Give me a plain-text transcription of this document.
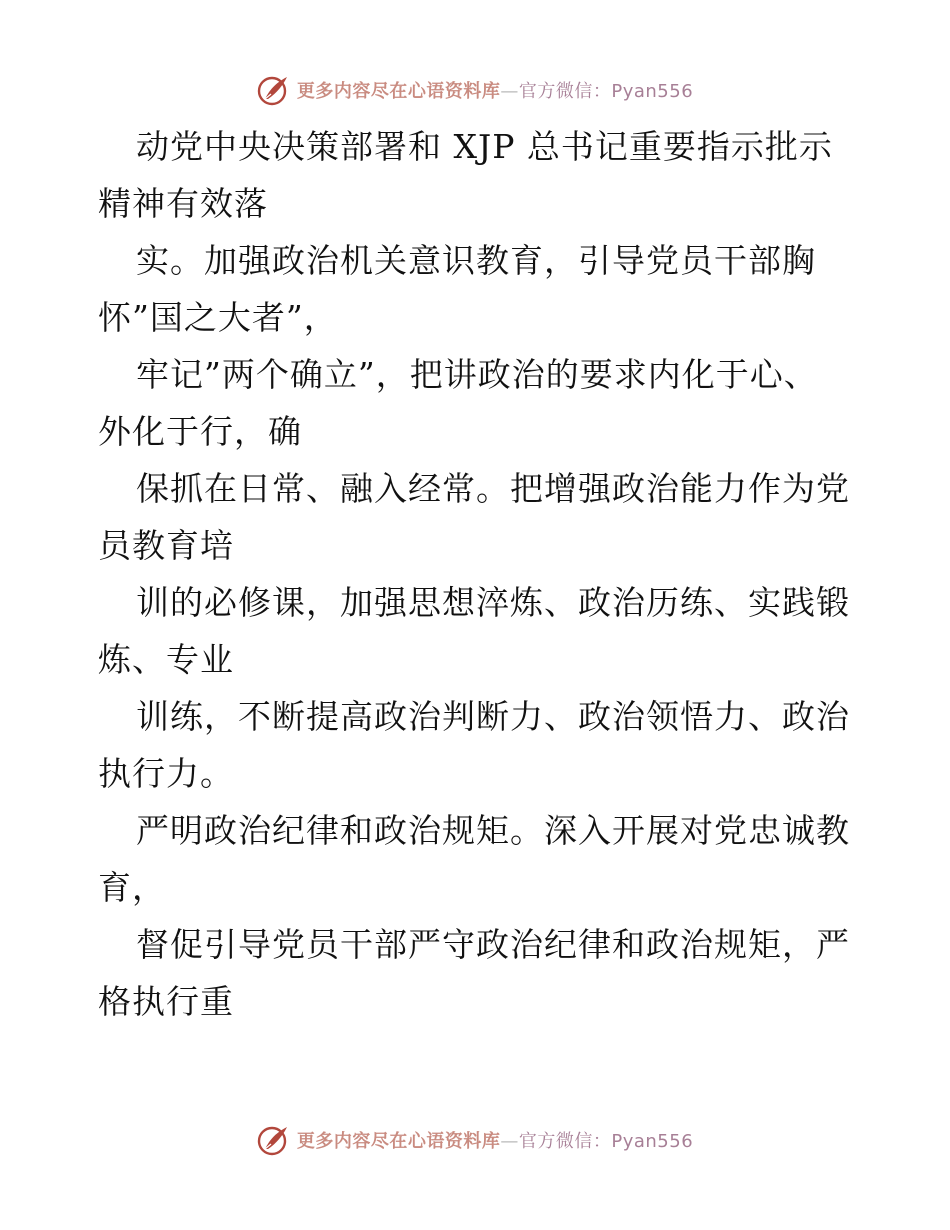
更多内容尽在心语资料库—官方微信：Pyan556
动党中央决策部署和 XJP 总书记重要指示批示
精神有效落
实。加强政治机关意识教育，引导党员干部胸
怀”国之大者”，
牢记”两个确立”，把讲政治的要求内化于心、
外化于行，确
保抓在日常、融入经常。把增强政治能力作为党
员教育培
训的必修课，加强思想淬炼、政治历练、实践锻
炼、专业
训练，不断提高政治判断力、政治领悟力、政治
执行力。
严明政治纪律和政治规矩。深入开展对党忠诚教
育，
督促引导党员干部严守政治纪律和政治规矩，严
格执行重
更多内容尽在心语资料库—官方微信：Pyan556
